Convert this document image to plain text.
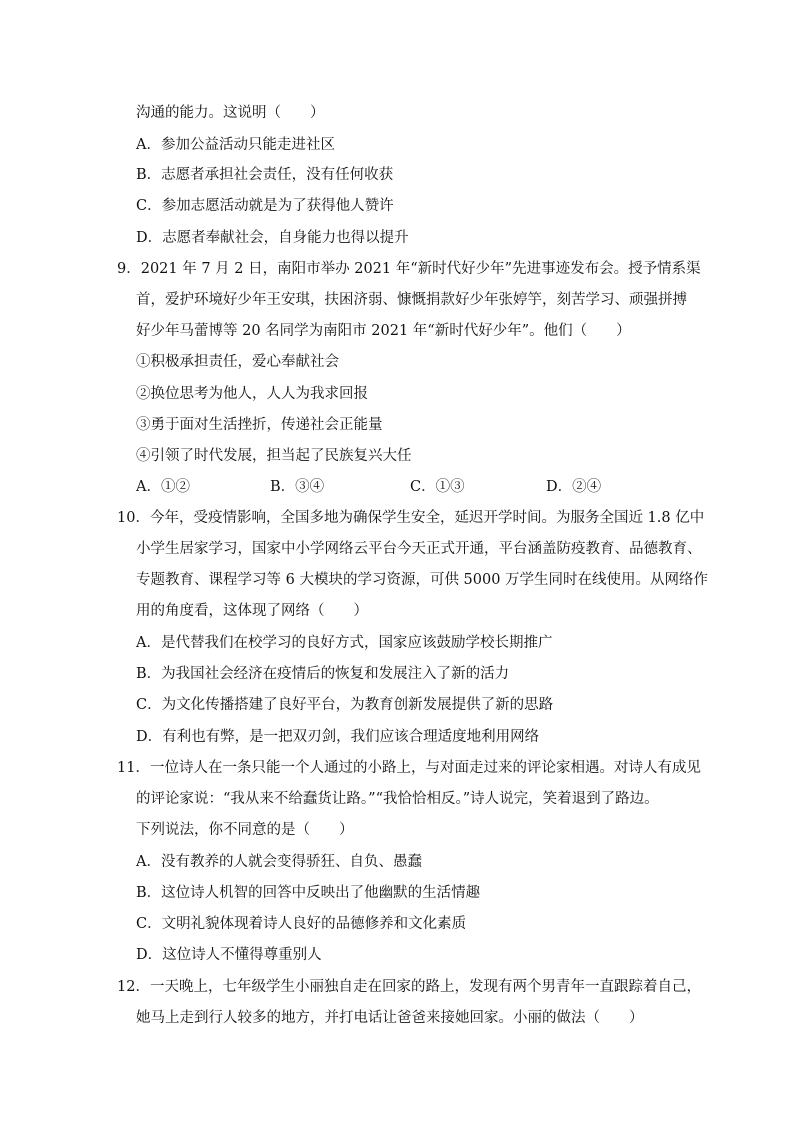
沟通的能力。这说明（　　）
A．参加公益活动只能走进社区
B．志愿者承担社会责任，没有任何收获
C．参加志愿活动就是为了获得他人赞许
D．志愿者奉献社会，自身能力也得以提升
9．2021 年 7 月 2 日，南阳市举办 2021 年“新时代好少年”先进事迹发布会。授予情系渠
首，爱护环境好少年王安琪，扶困济弱、慷慨捐款好少年张婷竽，刻苦学习、顽强拼搏
好少年马蕾博等 20 名同学为南阳市 2021 年“新时代好少年”。他们（　　）
①积极承担责任，爱心奉献社会
②换位思考为他人，人人为我求回报
③勇于面对生活挫折，传递社会正能量
④引领了时代发展，担当起了民族复兴大任
A．①②	B．③④	C．①③	D．②④
10．今年，受疫情影响，全国多地为确保学生安全，延迟开学时间。为服务全国近 1.8 亿中
小学生居家学习，国家中小学网络云平台今天正式开通，平台涵盖防疫教育、品德教育、
专题教育、课程学习等 6 大模块的学习资源，可供 5000 万学生同时在线使用。从网络作
用的角度看，这体现了网络（　　）
A．是代替我们在校学习的良好方式，国家应该鼓励学校长期推广
B．为我国社会经济在疫情后的恢复和发展注入了新的活力
C．为文化传播搭建了良好平台，为教育创新发展提供了新的思路
D．有利也有弊，是一把双刃剑，我们应该合理适度地利用网络
11．一位诗人在一条只能一个人通过的小路上，与对面走过来的评论家相遇。对诗人有成见
的评论家说：“我从来不给蠢货让路。”“我恰恰相反。”诗人说完，笑着退到了路边。
下列说法，你不同意的是（　　）
A．没有教养的人就会变得骄狂、自负、愚蠢
B．这位诗人机智的回答中反映出了他幽默的生活情趣
C．文明礼貌体现着诗人良好的品德修养和文化素质
D．这位诗人不懂得尊重别人
12．一天晚上，七年级学生小丽独自走在回家的路上，发现有两个男青年一直跟踪着自己，
她马上走到行人较多的地方，并打电话让爸爸来接她回家。小丽的做法（　　）
